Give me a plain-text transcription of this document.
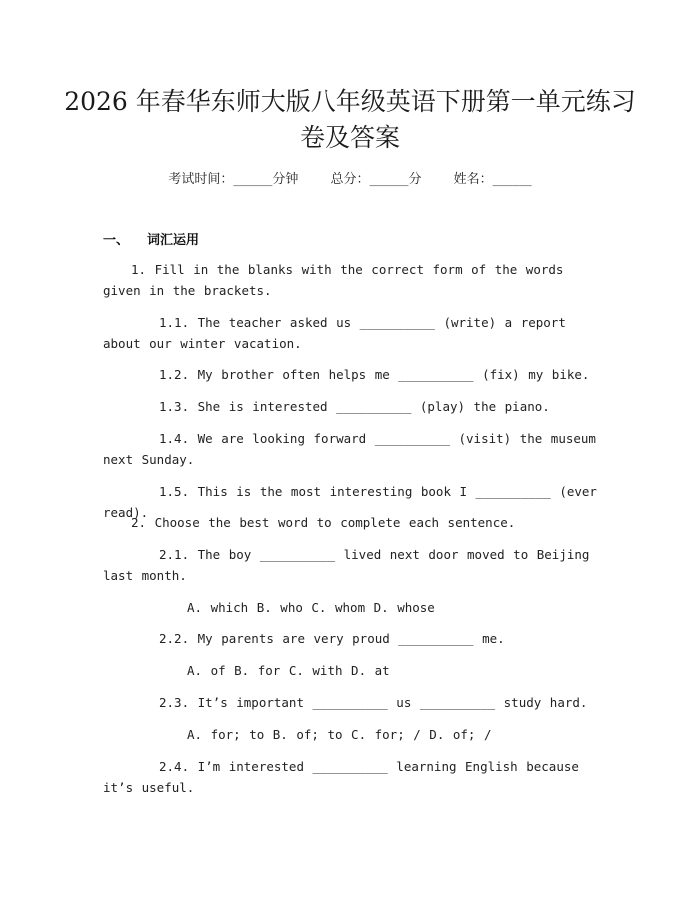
2026 年春华东师大版八年级英语下册第一单元练习卷及答案
考试时间：______分钟 总分：______分 姓名：______
一、 词汇运用
1. Fill in the blanks with the correct form of the words given in the brackets.
1.1. The teacher asked us __________ (write) a report about our winter vacation.
1.2. My brother often helps me __________ (fix) my bike.
1.3. She is interested __________ (play) the piano.
1.4. We are looking forward __________ (visit) the museum next Sunday.
1.5. This is the most interesting book I __________ (ever read).
2. Choose the best word to complete each sentence.
2.1. The boy __________ lived next door moved to Beijing last month.
A. which B. who C. whom D. whose
2.2. My parents are very proud __________ me.
A. of B. for C. with D. at
2.3. It’s important __________ us __________ study hard.
A. for; to B. of; to C. for; / D. of; /
2.4. I’m interested __________ learning English because it’s useful.
